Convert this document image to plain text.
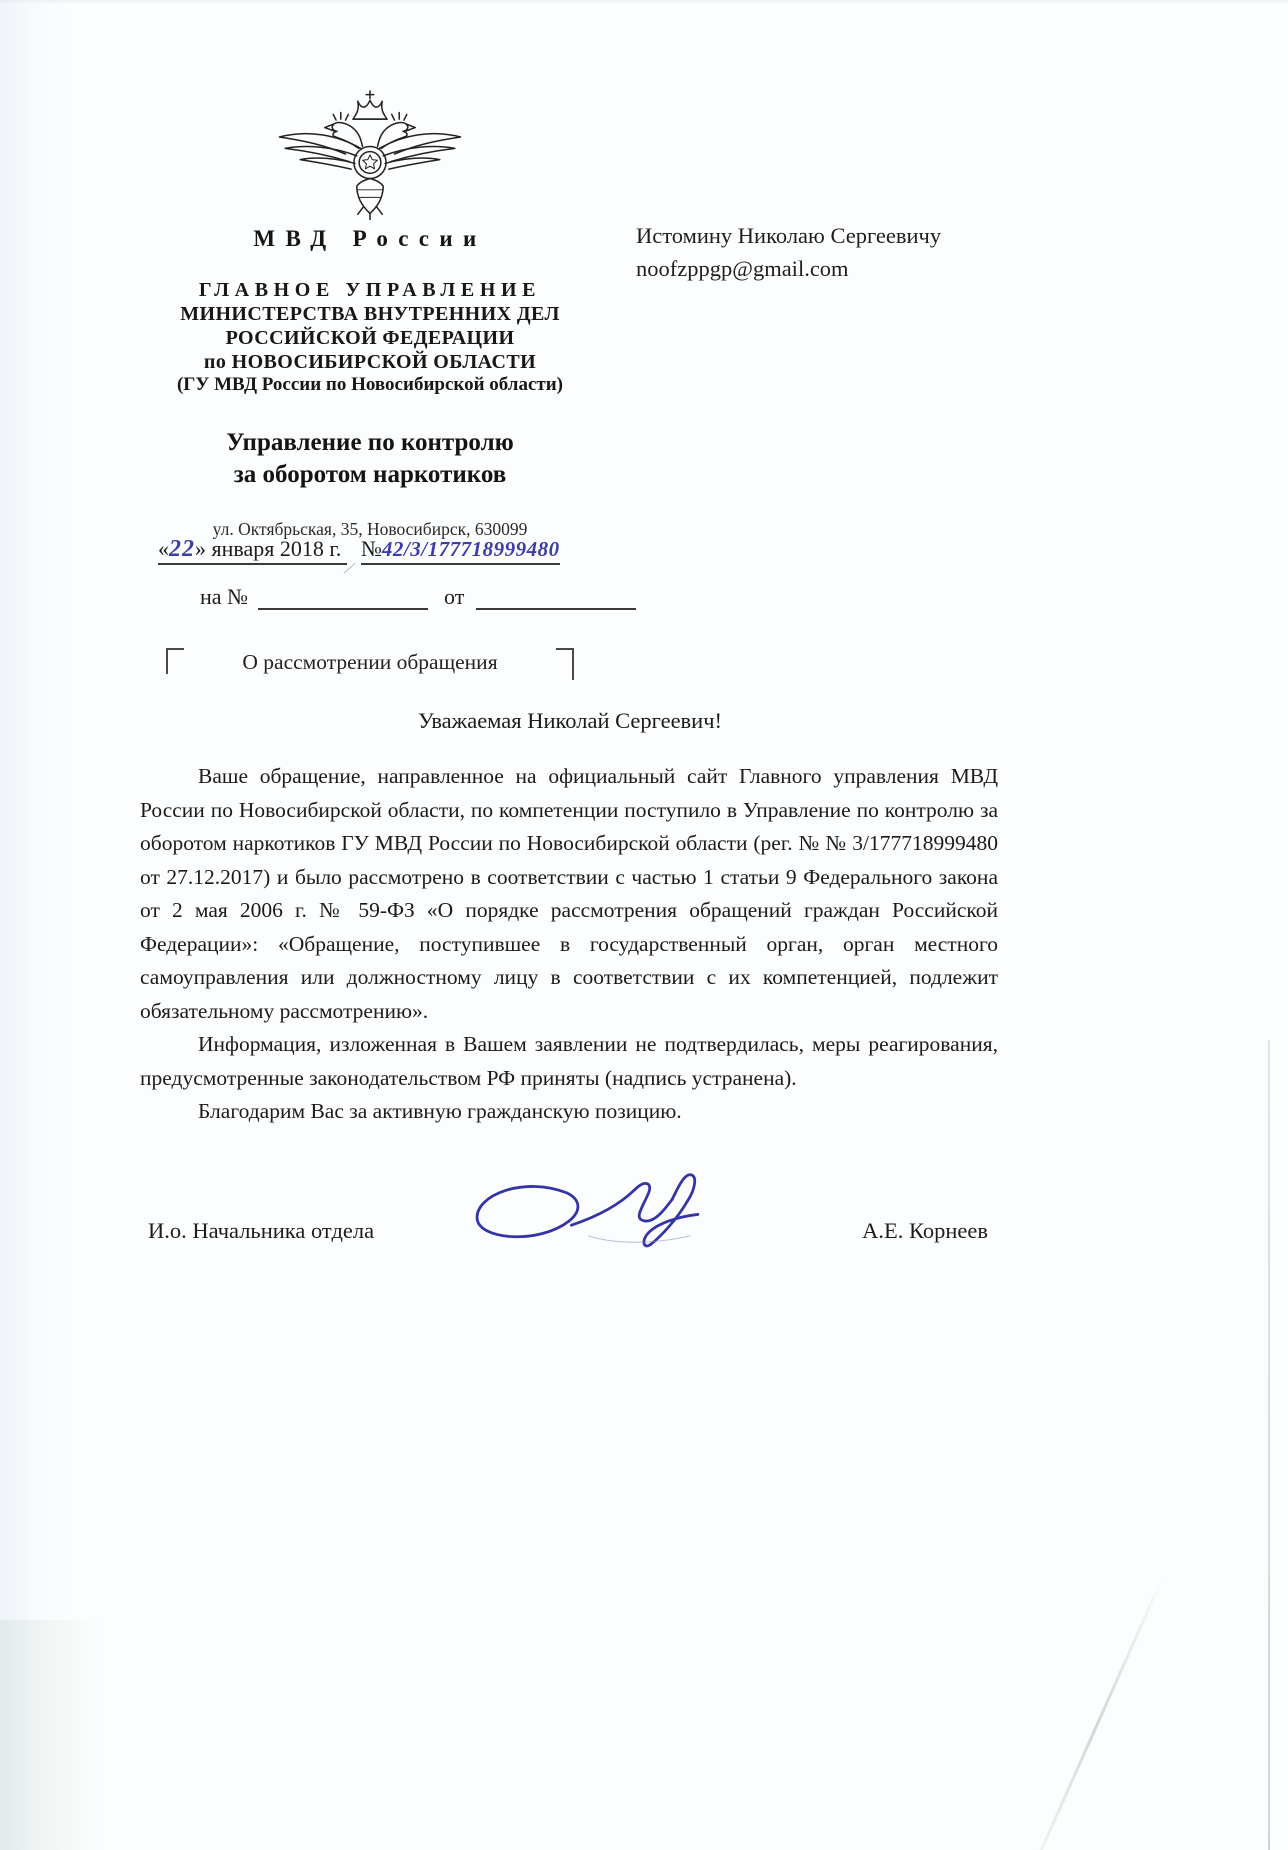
МВД России
ГЛАВНОЕ УПРАВЛЕНИЕ
МИНИСТЕРСТВА ВНУТРЕННИХ ДЕЛ
РОССИЙСКОЙ ФЕДЕРАЦИИ
по НОВОСИБИРСКОЙ ОБЛАСТИ
(ГУ МВД России по Новосибирской области)
Управление по контролю
за оборотом наркотиков
ул. Октябрьская, 35, Новосибирск, 630099
Истомину Николаю Сергеевичу
noofzppgp@gmail.com
«22» января 2018 г. №42/3/177718999480
на №	от
О рассмотрении обращения
Уважаемая Николай Сергеевич!

Ваше обращение, направленное на официальный сайт Главного управления МВД России по Новосибирской области, по компетенции поступило в Управление по контролю за оборотом наркотиков ГУ МВД России по Новосибирской области (рег. № № 3/177718999480 от 27.12.2017) и было рассмотрено в соответствии с частью 1 статьи 9 Федерального закона от 2 мая 2006 г. № 59-ФЗ «О порядке рассмотрения обращений граждан Российской Федерации»: «Обращение, поступившее в государственный орган, орган местного самоуправления или должностному лицу в соответствии с их компетенцией, подлежит обязательному рассмотрению».

Информация, изложенная в Вашем заявлении не подтвердилась, меры реагирования, предусмотренные законодательством РФ приняты (надпись устранена).

Благодарим Вас за активную гражданскую позицию.

И.о. Начальника отдела	А.Е. Корнеев
⁄
